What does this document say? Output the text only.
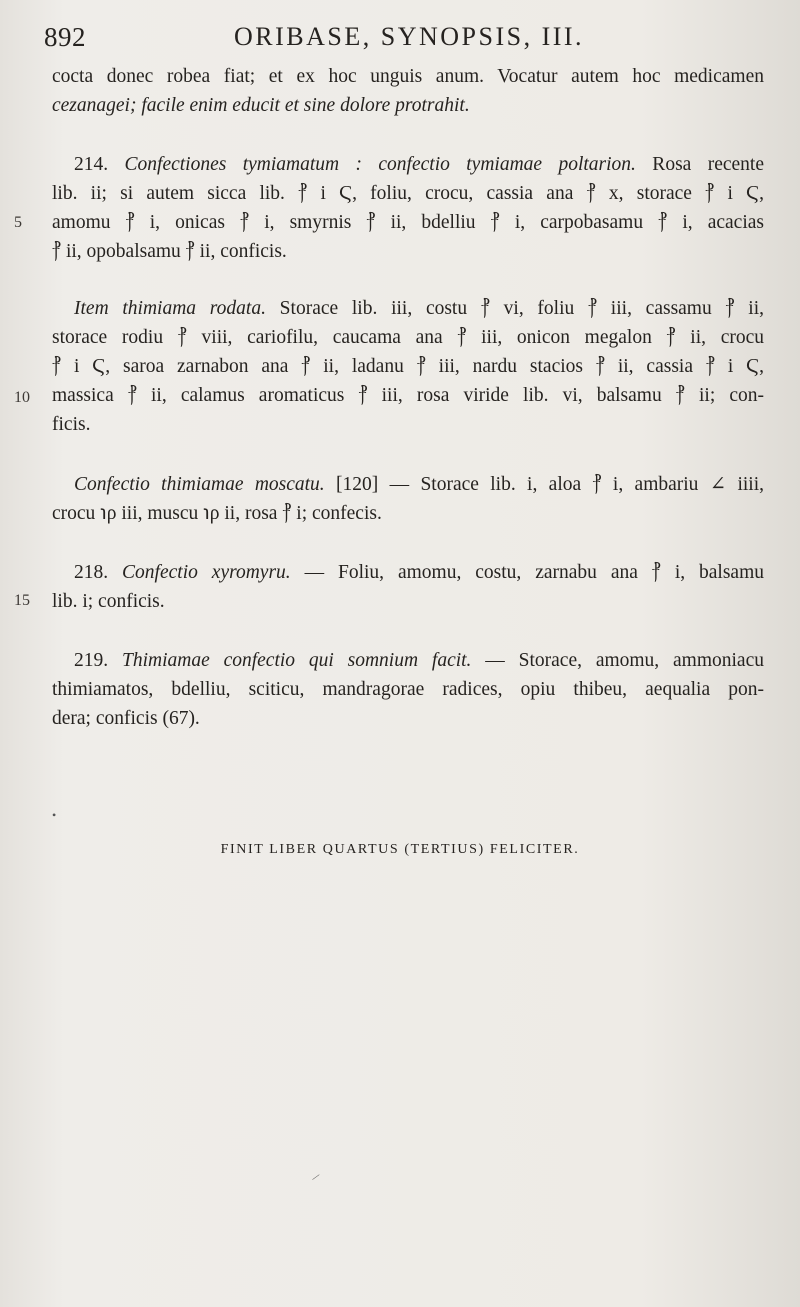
892	ORIBASE, SYNOPSIS, III.
5
10
15
cocta donec robea fiat; et ex hoc unguis anum. Vocatur autem hoc medicamen
cezanagei; facile enim educit et sine dolore protrahit.
214. Confectiones tymiamatum : confectio tymiamae poltarion. Rosa recente
lib. ii; si autem sicca lib. ⳨ i Ϛ, foliu, crocu, cassia ana ⳨ x, storace ⳨ i Ϛ,
amomu ⳨ i, onicas ⳨ i, smyrnis ⳨ ii, bdelliu ⳨ i, carpobasamu ⳨ i, acacias
⳨ ii, opobalsamu ⳨ ii, conficis.
Item thimiama rodata. Storace lib. iii, costu ⳨ vi, foliu ⳨ iii, cassamu ⳨ ii,
storace rodiu ⳨ viii, cariofilu, caucama ana ⳨ iii, onicon megalon ⳨ ii, crocu
⳨ i Ϛ, saroa zarnabon ana ⳨ ii, ladanu ⳨ iii, nardu stacios ⳨ ii, cassia ⳨ i Ϛ,
massica ⳨ ii, calamus aromaticus ⳨ iii, rosa viride lib. vi, balsamu ⳨ ii; con-
ficis.
Confectio thimiamae moscatu. [120] — Storace lib. i, aloa ⳨ i, ambariu ∠ iiii,
crocu ℩ρ iii, muscu ℩ρ ii, rosa ⳨ i; confecis.
218. Confectio xyromyru. — Foliu, amomu, costu, zarnabu ana ⳨ i, balsamu
lib. i; conficis.
219. Thimiamae confectio qui somnium facit. — Storace, amomu, ammoniacu
thimiamatos, bdelliu, sciticu, mandragorae radices, opiu thibeu, aequalia pon-
dera; conficis (67).
FINIT LIBER QUARTUS (TERTIUS) FELICITER.
•
/
